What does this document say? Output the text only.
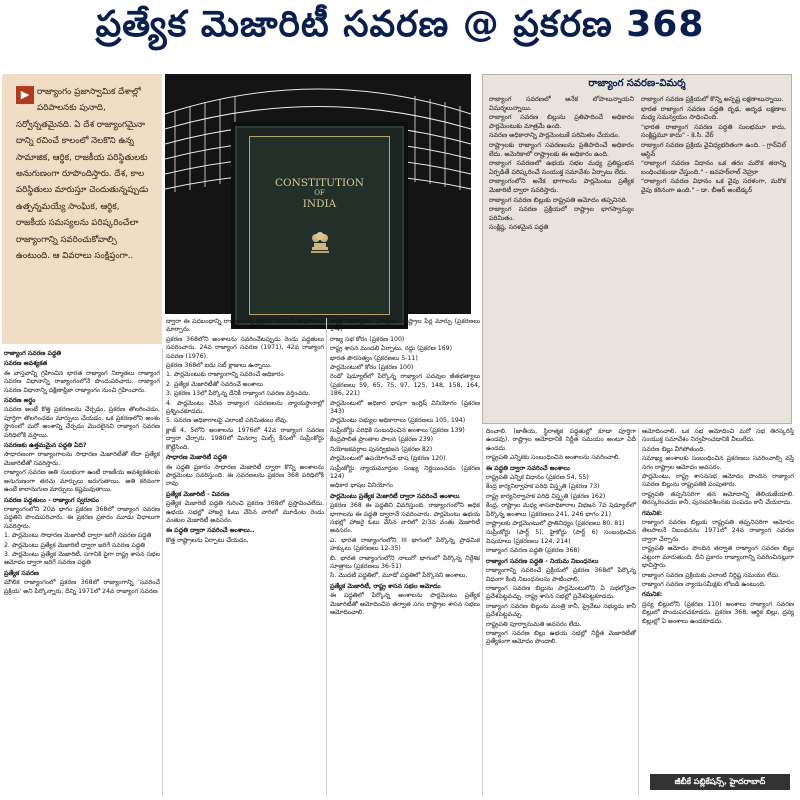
ప్రత్యేక మెజారిటీ సవరణ @ ప్రకరణ 368
▶ రాజ్యాంగం ప్రజాస్వామిక దేశాల్లో పరిపాలనకు పునాది, సర్వోన్నతమైనది. ఏ దేశ రాజ్యాంగమైనా దాన్ని రచించే కాలంలో నెలకొని ఉన్న సామాజిక, ఆర్థిక, రాజకీయ పరిస్థితులకు అనుగుణంగా రూపొందిస్తారు. దేశ, కాల పరిస్థితులు మారుస్తూ చెందుతున్నప్పుడు ఉత్పన్నమయ్యే సాంఘిక, ఆర్థిక, రాజకీయ సమస్యలను పరిష్కరించేలా రాజ్యాంగాన్ని సవరించుకోవాల్సి ఉంటుంది. ఆ వివరాలు సంక్షిప్తంగా..

CONSTITUTION
OF
INDIA
రాజ్యాంగ సవరణ-విమర్శ

రాజ్యాంగ సవరణలో అనేక లోపాలున్నాయని విమర్శలున్నాయి.

రాజ్యాంగ సవరణ బిల్లును ప్రతిపాదించే అధికారం పార్లమెంటుకు మాత్రమే ఉంది.

సవరణ అధికారాన్ని పార్లమెంటుకే పరిమితం చేయడం.

రాష్ట్రాలకు రాజ్యాంగ సవరణలను ప్రతిపాదించే అధికారం లేదు. అమెరికాలో రాష్ట్రాలకు ఈ అధికారం ఉంది.

రాజ్యాంగ సవరణలో ఉభయ సభల మధ్య ప్రతిష్టంభన ఏర్పడితే పరిష్కరించే సంయుక్త సమావేశం ఏర్పాటు లేదు.

రాజ్యాంగంలోని అనేక భాగాలను పార్లమెంటు ప్రత్యేక మెజారిటీ ద్వారా సవరిస్తారు.

రాజ్యాంగ సవరణ బిల్లుకు రాష్ట్రపతి ఆమోదం తప్పనిసరి.

రాజ్యాంగ సవరణ ప్రక్రియలో రాష్ట్రాల భాగస్వామ్యం పరిమితం.

సంక్లిష్ట, సరళమైన పద్ధతి

రాజ్యాంగ సవరణ ప్రక్రియలో కొన్ని అస్పష్ట లక్షణాలున్నాయి.

భారత రాజ్యాంగ సవరణ పద్ధతి దృఢ, అదృఢ లక్షణాల మధ్య సమన్వయం సాధించింది.

"భారత రాజ్యాంగ సవరణ పద్ధతి సులభమూ కాదు, సంక్లిష్టమూ కాదు" - కె.సి. వేర్

రాజ్యాంగ సవరణ ప్రక్రియ వైవిధ్యభరితంగా ఉంది. - గ్రాన్‌విల్ ఆస్టిన్

"రాజ్యాంగ సవరణ విధానం ఒక తరం మరొక తరాన్ని బంధించకుండా చేస్తుంది." - జవహర్‌లాల్ నెహ్రూ

"రాజ్యాంగ సవరణ విధానం ఒక వైపు సరళంగా, మరొక వైపు కఠినంగా ఉంది." - డా. బీఆర్ అంబేడ్కర్

రాజ్యాంగ సవరణ పద్ధతి

సవరణ ఆవశ్యకత

ఈ వాస్తవాన్ని గ్రహించిన భారత రాజ్యాంగ నిర్మాతలు రాజ్యాంగ సవరణ విధానాన్ని రాజ్యాంగంలోనే పొందుపరిచారు. రాజ్యాంగ సవరణ విధానాన్ని దక్షిణాఫ్రికా రాజ్యాంగం నుంచి గ్రహించారు.

సవరణ అర్థం

సవరణ అంటే కొత్త ప్రకరణలను చేర్చడం, ప్రకరణ తొలగించడం, పూర్తిగా తొలగించడం మార్పులు చేయడం. ఒక ప్రకరణలోని అంశం స్థానంలో మరో అంశాన్ని చేర్చడం మొదలైనవి రాజ్యాంగ సవరణ పరిధిలోకి వస్తాయి.

సవరణకు ఉత్తమమైన పద్ధతి ఏది?

సాధారణంగా రాజ్యాంగాలను సాధారణ మెజారిటీతో లేదా ప్రత్యేక మెజారిటీతో సవరిస్తారు.

రాజ్యాంగ సవరణ అతి సులభంగా ఉంటే రాజకీయ ఆవశ్యకతలకు అనుగుణంగా తరచు మార్పులు జరుగుతాయి. అతి కఠినంగా ఉంటే కాలానుగుణ మార్పులు కష్టమవుతాయి.

సవరణ పద్ధతులు - రాజ్యాంగ స్వరూపం

రాజ్యాంగంలోని 20వ భాగం ప్రకరణ 368లో రాజ్యాంగ సవరణ పద్ధతిని పొందుపరిచారు. ఈ ప్రకరణ ప్రకారం మూడు విధాలుగా సవరిస్తారు.

1. పార్లమెంటు సాధారణ మెజారిటీ ద్వారా జరిగే సవరణ పద్ధతి

2. పార్లమెంటు ప్రత్యేక మెజారిటీ ద్వారా జరిగే సవరణ పద్ధతి

3. పార్లమెంటు ప్రత్యేక మెజారిటీ, సగానికి పైగా రాష్ట్ర శాసన సభల ఆమోదం ద్వారా జరిగే సవరణ పద్ధతి

ప్రత్యేక సవరణ

మౌలిక రాజ్యాంగంలో ప్రకరణ 368లో రాజ్యాంగాన్ని 'సవరించే ప్రక్రియ' అని పేర్కొన్నారు. దీన్ని 1971లో 24వ రాజ్యాంగ సవరణ

ద్వారా ఈ పదబంధాన్ని రాజ్యాంగాన్ని ప్రక్రియ సవరించే అధికారాలు మార్చారు.

ప్రకరణ 368లోని అంశాలను సవరించేటప్పుడు రెండు పద్ధతులు సవరించారు. 24వ రాజ్యాంగ సవరణ (1971), 42వ రాజ్యాంగ సవరణ (1976).

ప్రకరణ 368లో ఐదు సబ్ క్లాజులు ఉన్నాయి.

1. పార్లమెంటుకు రాజ్యాంగాన్ని సవరించే అధికారం

2. ప్రత్యేక మెజారిటీతో సవరించే అంశాలు

3. ప్రకరణ 13లో పేర్కొన్న దేనికీ రాజ్యాంగ సవరణ వర్తించదు.

4. పార్లమెంటు చేసిన రాజ్యాంగ సవరణలను న్యాయస్థానాల్లో ప్రశ్నించకూడదు.

5. సవరణ అధికారాలపై ఎలాంటి పరిమితులు లేవు.

క్లాజ్ 4, 5లోని అంశాలను 1976లో 42వ రాజ్యాంగ సవరణ ద్వారా చేర్చారు. 1980లో మినర్వా మిల్స్ కేసులో సుప్రీంకోర్టు కొట్టేసింది.

సాధారణ మెజారిటీ పద్ధతి

ఈ పద్ధతి ప్రకారం సాధారణ మెజారిటీ ద్వారా కొన్ని అంశాలను పార్లమెంటు సవరిస్తుంది. ఈ సవరణలను ప్రకరణ 368 పరిధిలోకి రావు.

ప్రత్యేక మెజారిటీ - వివరణ

ప్రత్యేక మెజారిటీ పద్ధతి గురించి ప్రకరణ 368లో ప్రస్తావించలేదు. ఉభయ సభల్లో హాజరై ఓటు వేసిన వారిలో మూడింట రెండు వంతుల మెజారిటీ అవసరం.

ఈ పద్ధతి ద్వారా సవరించే అంశాలు..

కొత్త రాష్ట్రాలను ఏర్పాటు చేయడం,

రాష్ట్ర సరిహద్దులు మార్చడం, రాష్ట్రాల పేర్ల మార్పు (ప్రకరణలు 1-4)

రాజ్య సభ కోరం (ప్రకరణ 100)

రాష్ట్ర శాసన మండలి ఏర్పాటు, రద్దు (ప్రకరణ 169)

భారత పౌరసత్వం (ప్రకరణలు 5-11)

పార్లమెంటులో కోరం (ప్రకరణ 100)

రెండో షెడ్యూల్‌లో పేర్కొన్న రాజ్యాంగ పదవుల జీతభత్యాలు (ప్రకరణలు 59, 65, 75, 97, 125, 148, 158, 164, 186, 221)

పార్లమెంటులో అధికార భాషగా ఇంగ్లిష్ వినియోగం (ప్రకరణ 343)

పార్లమెంటు సభ్యుల అధికారాలు (ప్రకరణలు 105, 194)

సుప్రీంకోర్టు పరిధికి సంబంధించిన అంశాలు (ప్రకరణ 139)

కేంద్రపాలిత ప్రాంతాల పాలన (ప్రకరణ 239)

నియోజకవర్గాల పునర్విభజన (ప్రకరణ 82)

పార్లమెంటులో ఉపయోగించే భాష (ప్రకరణ 120)

సుప్రీంకోర్టు న్యాయమూర్తుల సంఖ్య నిర్ణయించడం (ప్రకరణ 124)

అధికార భాషల వినియోగం

పార్లమెంటు ప్రత్యేక మెజారిటీ ద్వారా సవరించే అంశాలు

ప్రకరణ 368 ఈ పద్ధతిని వివరిస్తుంది. రాజ్యాంగంలోని అధిక భాగాలను ఈ పద్ధతి ద్వారానే సవరించారు. పార్లమెంటు ఉభయ సభల్లో హాజరై ఓటు వేసిన వారిలో 2/3వ వంతు మెజారిటీ అవసరం.

ఎ. భారత రాజ్యాంగంలోని III భాగంలో పేర్కొన్న ప్రాథమిక హక్కులు (ప్రకరణలు 12-35)

బి. భారత రాజ్యాంగంలోని నాలుగో భాగంలో పేర్కొన్న నిర్దేశిక సూత్రాలు (ప్రకరణలు 36-51)

సి. మొదటి పద్ధతిలో, మూడో పద్ధతిలో పేర్కొనని అంశాలు.

ప్రత్యేక మెజారిటీ, రాష్ట్ర శాసన సభల ఆమోదం

ఈ పద్ధతిలో పేర్కొన్న అంశాలను పార్లమెంటు ప్రత్యేక మెజారిటీతో ఆమోదించిన తర్వాత సగం రాష్ట్రాల శాసన సభలు ఆమోదించాలి.

దించాలి. (జాతీయ, స్థిరాత్మక పద్ధతుల్లో కూడా పూర్తిగా ఉండవు). రాష్ట్రాల ఆమోదానికి నిర్ణీత సమయం అంటూ ఏదీ ఉండదు.

రాష్ట్రపతి ఎన్నికకు సంబంధించిన అంశాలను సవరించాలి.

ఈ పద్ధతి ద్వారా సవరించే అంశాలు

రాష్ట్రపతి ఎన్నిక విధానం (ప్రకరణ 54, 55)

కేంద్ర కార్యనిర్వాహక పరిధి విస్తృతి (ప్రకరణ 73)

రాష్ట్ర కార్యనిర్వాహక పరిధి విస్తృతి (ప్రకరణ 162)

కేంద్ర, రాష్ట్రాల మధ్య శాసనాధికారాల విభజన 7వ షెడ్యూల్‌లో పేర్కొన్న అంశాలు (ప్రకరణలు 241, 246 భాగం 21)

రాష్ట్రాలకు పార్లమెంటులో ప్రాతినిధ్యం (ప్రకరణలు 80, 81)

సుప్రీంకోర్టు (పార్ట్ 5), హైకోర్టు (పార్ట్ 6) సంబంధించిన విషయాలు (ప్రకరణలు 124, 214)

రాజ్యాంగ సవరణ పద్ధతి (ప్రకరణ 368)

రాజ్యాంగ సవరణ పద్ధతి - నియమ నిబంధనలు

రాజ్యాంగాన్ని సవరించే ప్రక్రియలో ప్రకరణ 368లో పేర్కొన్న విధంగా కింది నిబంధనలను పాటించాలి.

రాజ్యాంగ సవరణ బిల్లును పార్లమెంటులోని ఏ సభలోనైనా ప్రవేశపెట్టవచ్చు. రాష్ట్ర శాసన సభల్లో ప్రవేశపెట్టకూడదు.

రాజ్యాంగ సవరణ బిల్లును మంత్రి కానీ, ప్రైవేటు సభ్యుడు కానీ ప్రవేశపెట్టవచ్చు.

రాష్ట్రపతి పూర్వానుమతి అవసరం లేదు.

రాజ్యాంగ సవరణ బిల్లు ఉభయ సభల్లో నిర్ణీత మెజారిటీతో ప్రత్యేకంగా ఆమోదం పొందాలి.

ఆమోదించాలి. ఒక సభ ఆమోదించి మరో సభ తిరస్కరిస్తే సంయుక్త సమావేశం నిర్వహించడానికి వీలులేదు.

సవరణ బిల్లు వీగిపోతుంది.

సమాఖ్య అంశాలకు సంబంధించిన ప్రకరణలు సవరించాల్సి వస్తే సగం రాష్ట్రాల ఆమోదం అవసరం.

పార్లమెంటు, రాష్ట్ర శాసనసభ ఆమోదం పొందిన రాజ్యాంగ సవరణ బిల్లును రాష్ట్రపతికి పంపుతారు.

రాష్ట్రపతి తప్పనిసరిగా తన ఆమోదాన్ని తెలియజేయాలి. తిరస్కరించడం కానీ, పునఃపరిశీలనకు పంపడం కానీ చేయరాదు.

గమనిక:

రాజ్యాంగ సవరణ బిల్లుకు రాష్ట్రపతి తప్పనిసరిగా ఆమోదం తెలపాలనే నిబంధనను 1971లో 24వ రాజ్యాంగ సవరణ ద్వారా చేర్చారు.

రాష్ట్రపతి ఆమోదం పొందిన తర్వాత రాజ్యాంగ సవరణ బిల్లు చట్టంగా మారుతుంది. దీని ప్రకారం రాజ్యాంగాన్ని సవరించినట్లుగా భావిస్తారు.

రాజ్యాంగ సవరణ ప్రక్రియకు ఎలాంటి నిర్దిష్ట సమయం లేదు.

రాజ్యాంగ సవరణ న్యాయసమీక్షకు లోబడి ఉంటుంది.

గమనిక:

ద్రవ్య బిల్లులోని (ప్రకరణ 110) అంశాలు రాజ్యాంగ సవరణ బిల్లులో పొందుపరచకూడదు. ప్రకరణ 368, ఆర్థిక బిల్లు, ద్రవ్య బిల్లుల్లో ఏ అంశాలు ఉండకూడదు.

జీబీకే పబ్లికేషన్స్, హైదరాబాద్
